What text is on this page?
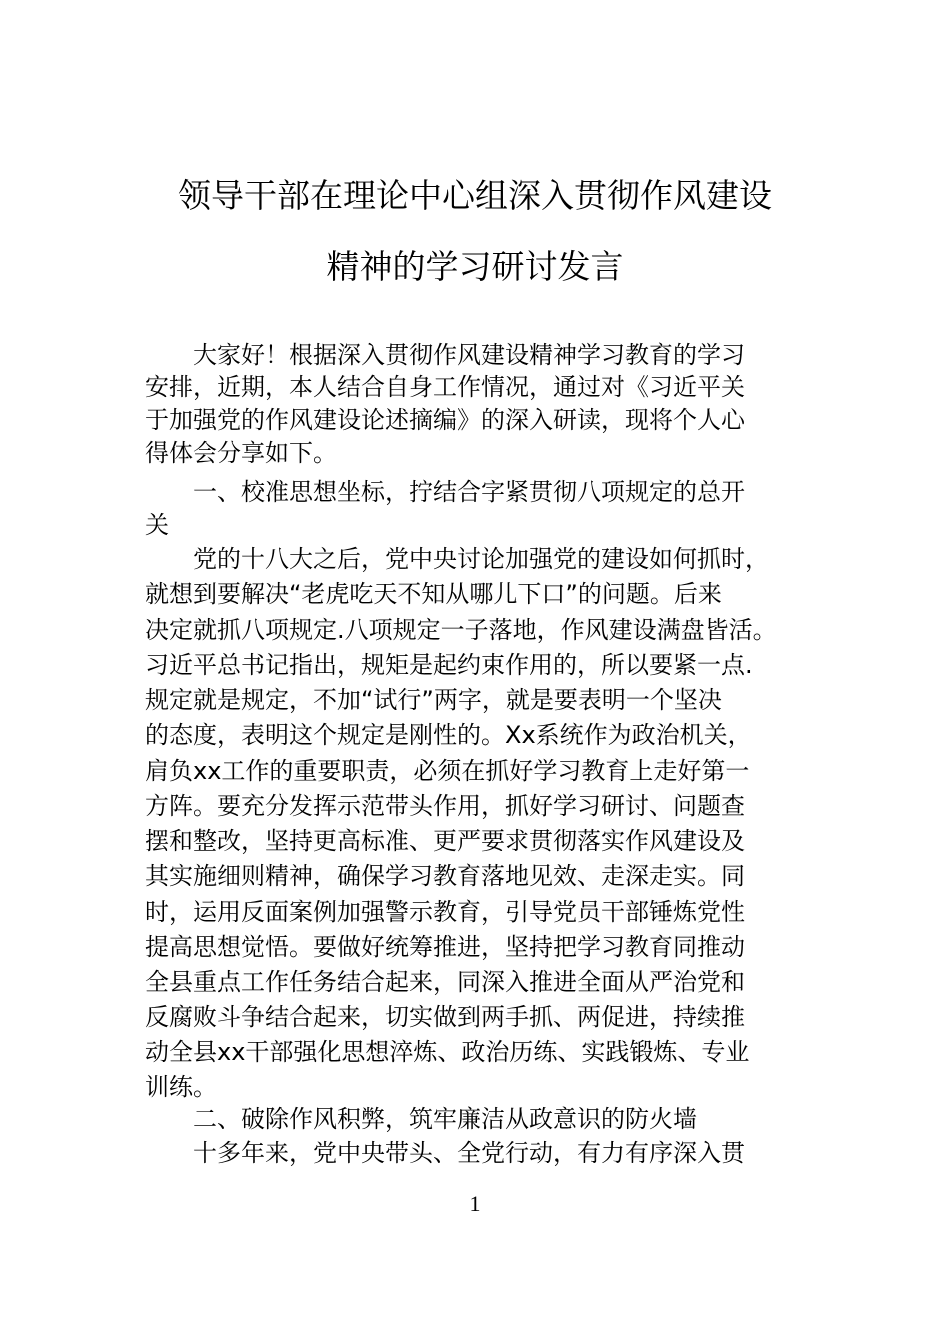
领导干部在理论中心组深入贯彻作风建设
精神的学习研讨发言
大家好！根据深入贯彻作风建设精神学习教育的学习
安排，近期，本人结合自身工作情况，通过对《习近平关
于加强党的作风建设论述摘编》的深入研读，现将个人心
得体会分享如下。
一、校准思想坐标，拧结合字紧贯彻八项规定的总开
关
党的十八大之后，党中央讨论加强党的建设如何抓时，
就想到要解决“老虎吃天不知从哪儿下口”的问题。后来
决定就抓八项规定.八项规定一子落地，作风建设满盘皆活。
习近平总书记指出，规矩是起约束作用的，所以要紧一点.
规定就是规定，不加“试行”两字，就是要表明一个坚决
的态度，表明这个规定是刚性的。Xx系统作为政治机关，
肩负xx工作的重要职责，必须在抓好学习教育上走好第一
方阵。要充分发挥示范带头作用，抓好学习研讨、问题查
摆和整改，坚持更高标准、更严要求贯彻落实作风建设及
其实施细则精神，确保学习教育落地见效、走深走实。同
时，运用反面案例加强警示教育，引导党员干部锤炼党性
提高思想觉悟。要做好统筹推进，坚持把学习教育同推动
全县重点工作任务结合起来，同深入推进全面从严治党和
反腐败斗争结合起来，切实做到两手抓、两促进，持续推
动全县xx干部强化思想淬炼、政治历练、实践锻炼、专业
训练。
二、破除作风积弊，筑牢廉洁从政意识的防火墙
十多年来，党中央带头、全党行动，有力有序深入贯
1
